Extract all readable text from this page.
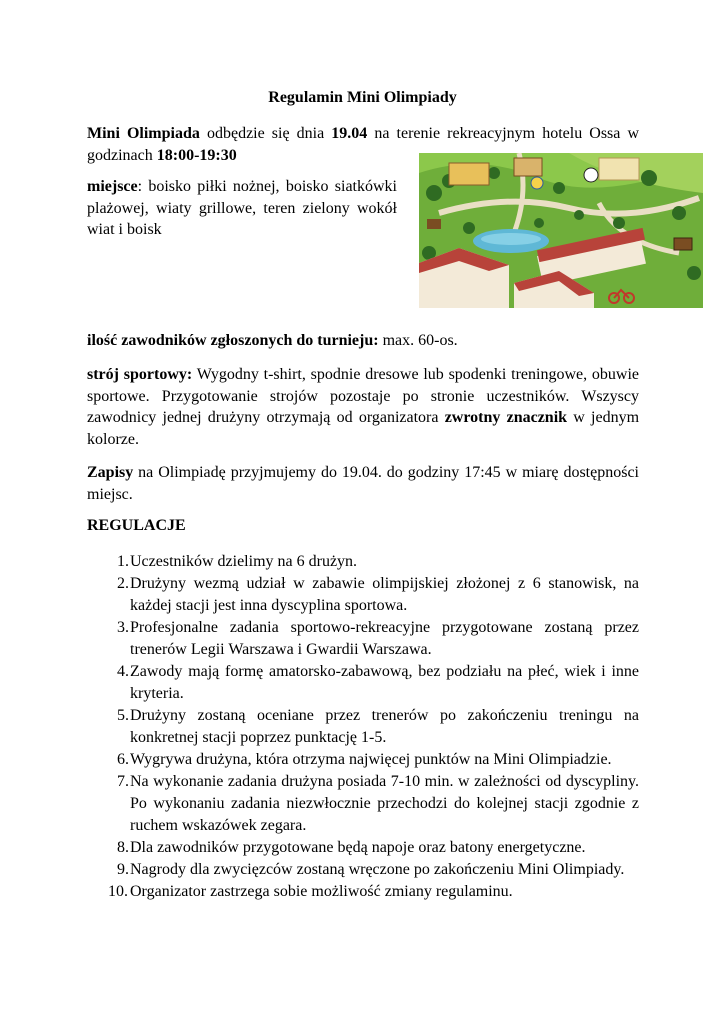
Regulamin Mini Olimpiady
Mini Olimpiada odbędzie się dnia 19.04 na terenie rekreacyjnym hotelu Ossa w godzinach 18:00-19:30
miejsce: boisko piłki nożnej, boisko siatkówki plażowej, wiaty grillowe, teren zielony wokół wiat i boisk
ilość zawodników zgłoszonych do turnieju: max. 60-os.
strój sportowy: Wygodny t-shirt, spodnie dresowe lub spodenki treningowe, obuwie sportowe. Przygotowanie strojów pozostaje po stronie uczestników. Wszyscy zawodnicy jednej drużyny otrzymają od organizatora zwrotny znacznik w jednym kolorze.
Zapisy na Olimpiadę przyjmujemy do 19.04. do godziny 17:45 w miarę dostępności miejsc.
REGULACJE
1. Uczestników dzielimy na 6 drużyn.
2. Drużyny wezmą udział w zabawie olimpijskiej złożonej z 6 stanowisk, na każdej stacji jest inna dyscyplina sportowa.
3. Profesjonalne zadania sportowo-rekreacyjne przygotowane zostaną przez trenerów Legii Warszawa i Gwardii Warszawa.
4. Zawody mają formę amatorsko-zabawową, bez podziału na płeć, wiek i inne kryteria.
5. Drużyny zostaną oceniane przez trenerów po zakończeniu treningu na konkretnej stacji poprzez punktację 1-5.
6. Wygrywa drużyna, która otrzyma najwięcej punktów na Mini Olimpiadzie.
7. Na wykonanie zadania drużyna posiada 7-10 min. w zależności od dyscypliny. Po wykonaniu zadania niezwłocznie przechodzi do kolejnej stacji zgodnie z ruchem wskazówek zegara.
8. Dla zawodników przygotowane będą napoje oraz batony energetyczne.
9. Nagrody dla zwycięzców zostaną wręczone po zakończeniu Mini Olimpiady.
10. Organizator zastrzega sobie możliwość zmiany regulaminu.
